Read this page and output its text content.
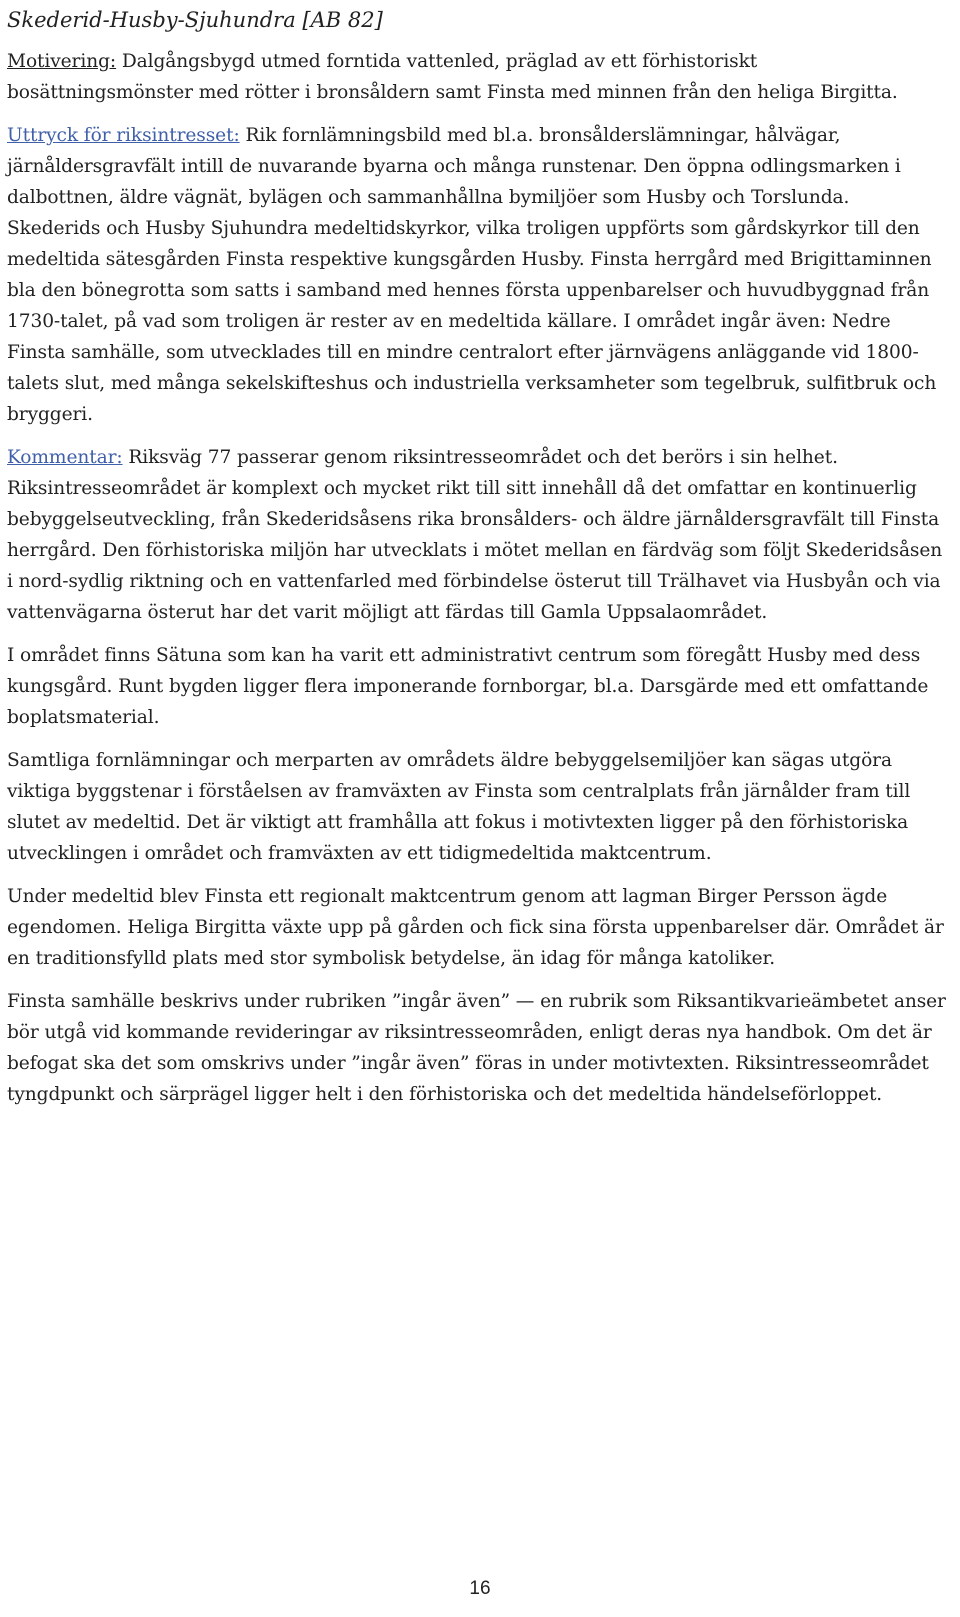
Skederid-Husby-Sjuhundra [AB 82]

Motivering: Dalgångsbygd utmed forntida vattenled, präglad av ett förhistoriskt bosättningsmönster med rötter i bronsåldern samt Finsta med minnen från den heliga Birgitta.

Uttryck för riksintresset: Rik fornlämningsbild med bl.a. bronsålderslämningar, hålvägar, järnåldersgravfält intill de nuvarande byarna och många runstenar. Den öppna odlingsmarken i dalbottnen, äldre vägnät, bylägen och sammanhållna bymiljöer som Husby och Torslunda. Skederids och Husby Sjuhundra medeltidskyrkor, vilka troligen uppförts som gårdskyrkor till den medeltida sätesgården Finsta respektive kungsgården Husby. Finsta herrgård med Brigittaminnen bla den bönegrotta som satts i samband med hennes första uppenbarelser och huvudbyggnad från 1730-talet, på vad som troligen är rester av en medeltida källare. I området ingår även: Nedre Finsta samhälle, som utvecklades till en mindre centralort efter järnvägens anläggande vid 1800-talets slut, med många sekelskifteshus och industriella verksamheter som tegelbruk, sulfitbruk och bryggeri.

Kommentar: Riksväg 77 passerar genom riksintresseområdet och det berörs i sin helhet. Riksintresseområdet är komplext och mycket rikt till sitt innehåll då det omfattar en kontinuerlig bebyggelseutveckling, från Skederidsåsens rika bronsålders- och äldre järnåldersgravfält till Finsta herrgård. Den förhistoriska miljön har utvecklats i mötet mellan en färdväg som följt Skederidsåsen i nord-sydlig riktning och en vattenfarled med förbindelse österut till Trälhavet via Husbyån och via vattenvägarna österut har det varit möjligt att färdas till Gamla Uppsalaområdet.

I området finns Sätuna som kan ha varit ett administrativt centrum som föregått Husby med dess kungsgård. Runt bygden ligger flera imponerande fornborgar, bl.a. Darsgärde med ett omfattande boplatsmaterial.

Samtliga fornlämningar och merparten av områdets äldre bebyggelsemiljöer kan sägas utgöra viktiga byggstenar i förståelsen av framväxten av Finsta som centralplats från järnålder fram till slutet av medeltid. Det är viktigt att framhålla att fokus i motivtexten ligger på den förhistoriska utvecklingen i området och framväxten av ett tidigmedeltida maktcentrum.

Under medeltid blev Finsta ett regionalt maktcentrum genom att lagman Birger Persson ägde egendomen. Heliga Birgitta växte upp på gården och fick sina första uppenbarelser där. Området är en traditionsfylld plats med stor symbolisk betydelse, än idag för många katoliker.

Finsta samhälle beskrivs under rubriken ”ingår även” — en rubrik som Riksantikvarieämbetet anser bör utgå vid kommande revideringar av riksintresseområden, enligt deras nya handbok. Om det är befogat ska det som omskrivs under ”ingår även” föras in under motivtexten. Riksintresseområdet tyngdpunkt och särprägel ligger helt i den förhistoriska och det medeltida händelseförloppet.

16
